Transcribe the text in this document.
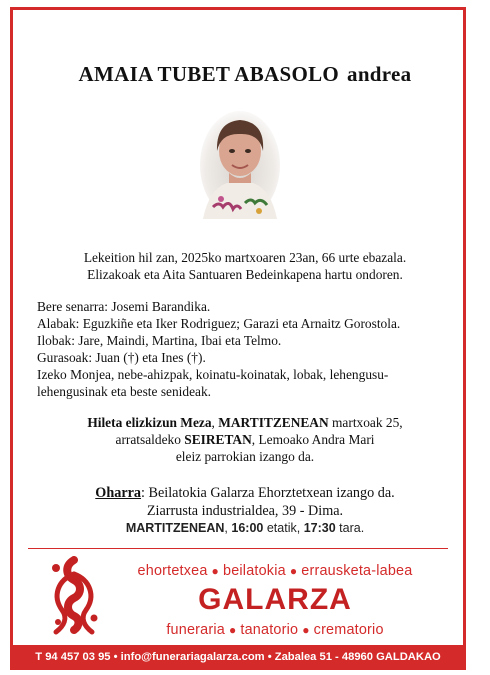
AMAIA TUBET ABASOLO andrea
Lekeition hil zan, 2025ko martxoaren 23an, 66 urte ebazala.
Elizakoak eta Aita Santuaren Bedeinkapena hartu ondoren.
Bere senarra: Josemi Barandika.
Alabak: Eguzkiñe eta Iker Rodriguez; Garazi eta Arnaitz Gorostola.
Ilobak: Jare, Maindi, Martina, Ibai eta Telmo.
Gurasoak: Juan (†) eta Ines (†).
Izeko Monjea, nebe-ahizpak, koinatu-koinatak, lobak, lehengusu-
lehengusinak eta beste senideak.
Hileta elizkizun Meza, MARTITZENEAN martxoak 25,
arratsaldeko SEIRETAN, Lemoako Andra Mari
eleiz parrokian izango da.
Oharra: Beilatokia Galarza Ehorztetxean izango da.
Ziarrusta industrialdea, 39 - Dima.
MARTITZENEAN, 16:00 etatik, 17:30 tara.
ehortetxea ● beilatokia ● errausketa-labea
GALARZA
funeraria ● tanatorio ● crematorio
T 94 457 03 95 • info@funerariagalarza.com • Zabalea 51 - 48960 GALDAKAO
